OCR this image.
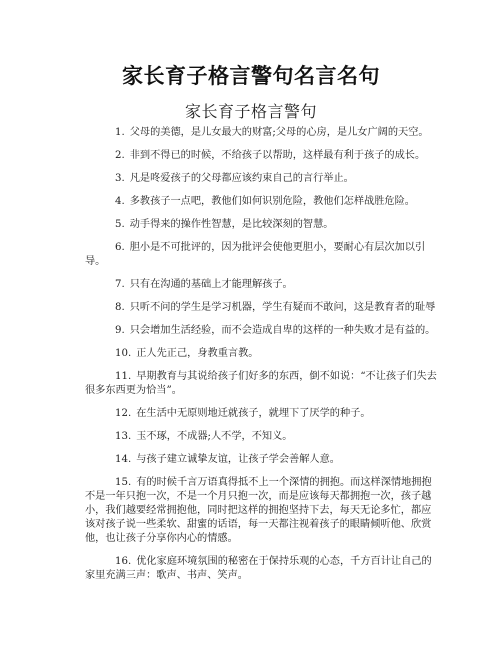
家长育子格言警句名言名句
家长育子格言警句
1. 父母的美德，是儿女最大的财富;父母的心房，是儿女广阔的天空。
2. 非到不得已的时候，不给孩子以帮助，这样最有利于孩子的成长。
3. 凡是咚爱孩子的父母都应该约束自己的言行举止。
4. 多教孩子一点吧，教他们如何识别危险，教他们怎样战胜危险。
5. 动手得来的操作性智慧，是比较深刻的智慧。
6. 胆小是不可批评的，因为批评会使他更胆小，要耐心有层次加以引导。
7. 只有在沟通的基础上才能理解孩子。
8. 只听不问的学生是学习机器，学生有疑而不敢问，这是教育者的耻辱
9. 只会增加生活经验，而不会造成自卑的这样的一种失败才是有益的。
10. 正人先正己，身教重言教。
11. 早期教育与其说给孩子们好多的东西，倒不如说：“不让孩子们失去很多东西更为恰当”。
12. 在生活中无原则地迁就孩子，就埋下了厌学的种子。
13. 玉不琢，不成器;人不学，不知义。
14. 与孩子建立诚挚友谊，让孩子学会善解人意。
15. 有的时候千言万语真得抵不上一个深情的拥抱。而这样深情地拥抱不是一年只抱一次，不是一个月只抱一次，而是应该每天都拥抱一次，孩子越小，我们越要经常拥抱他，同时把这样的拥抱坚持下去，每天无论多忙，都应该对孩子说一些柔软、甜蜜的话语，每一天都注视着孩子的眼睛倾听他、欣赏他，也让孩子分享你内心的情感。
16. 优化家庭环境氛围的秘密在于保持乐观的心态，千方百计让自己的家里充满三声：歌声、书声、笑声。
